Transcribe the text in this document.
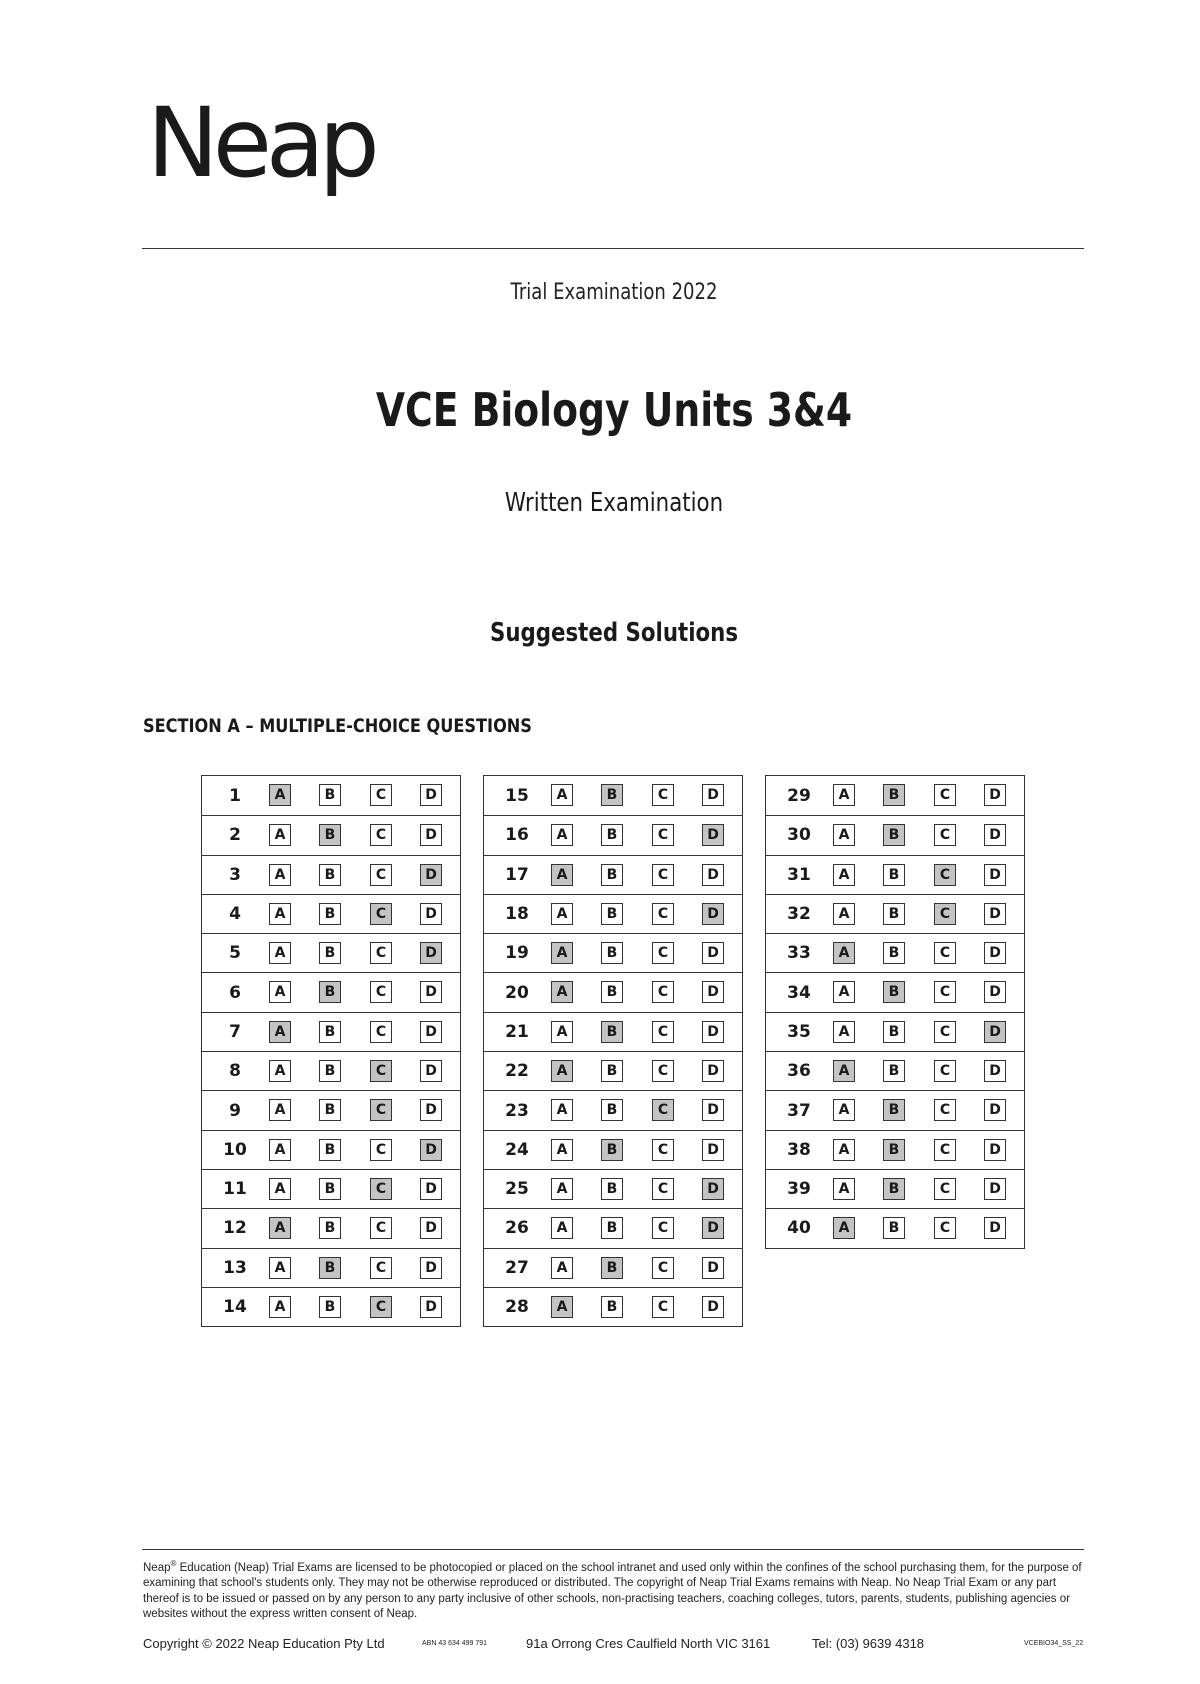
Neap
Trial Examination 2022
VCE Biology Units 3&4
Written Examination
Suggested Solutions
SECTION A – MULTIPLE-CHOICE QUESTIONS
1	A	B	C	D
2	A	B	C	D
3	A	B	C	D
4	A	B	C	D
5	A	B	C	D
6	A	B	C	D
7	A	B	C	D
8	A	B	C	D
9	A	B	C	D
10	A	B	C	D
11	A	B	C	D
12	A	B	C	D
13	A	B	C	D
14	A	B	C	D
15	A	B	C	D
16	A	B	C	D
17	A	B	C	D
18	A	B	C	D
19	A	B	C	D
20	A	B	C	D
21	A	B	C	D
22	A	B	C	D
23	A	B	C	D
24	A	B	C	D
25	A	B	C	D
26	A	B	C	D
27	A	B	C	D
28	A	B	C	D
29	A	B	C	D
30	A	B	C	D
31	A	B	C	D
32	A	B	C	D
33	A	B	C	D
34	A	B	C	D
35	A	B	C	D
36	A	B	C	D
37	A	B	C	D
38	A	B	C	D
39	A	B	C	D
40	A	B	C	D
Neap® Education (Neap) Trial Exams are licensed to be photocopied or placed on the school intranet and used only within the confines of the school purchasing them, for the purpose of examining that school's students only. They may not be otherwise reproduced or distributed. The copyright of Neap Trial Exams remains with Neap. No Neap Trial Exam or any part thereof is to be issued or passed on by any person to any party inclusive of other schools, non-practising teachers, coaching colleges, tutors, parents, students, publishing agencies or websites without the express written consent of Neap.
Copyright © 2022 Neap Education Pty Ltd	ABN 43 634 499 791	91a Orrong Cres Caulfield North VIC 3161	Tel: (03) 9639 4318	VCEBIO34_SS_22
